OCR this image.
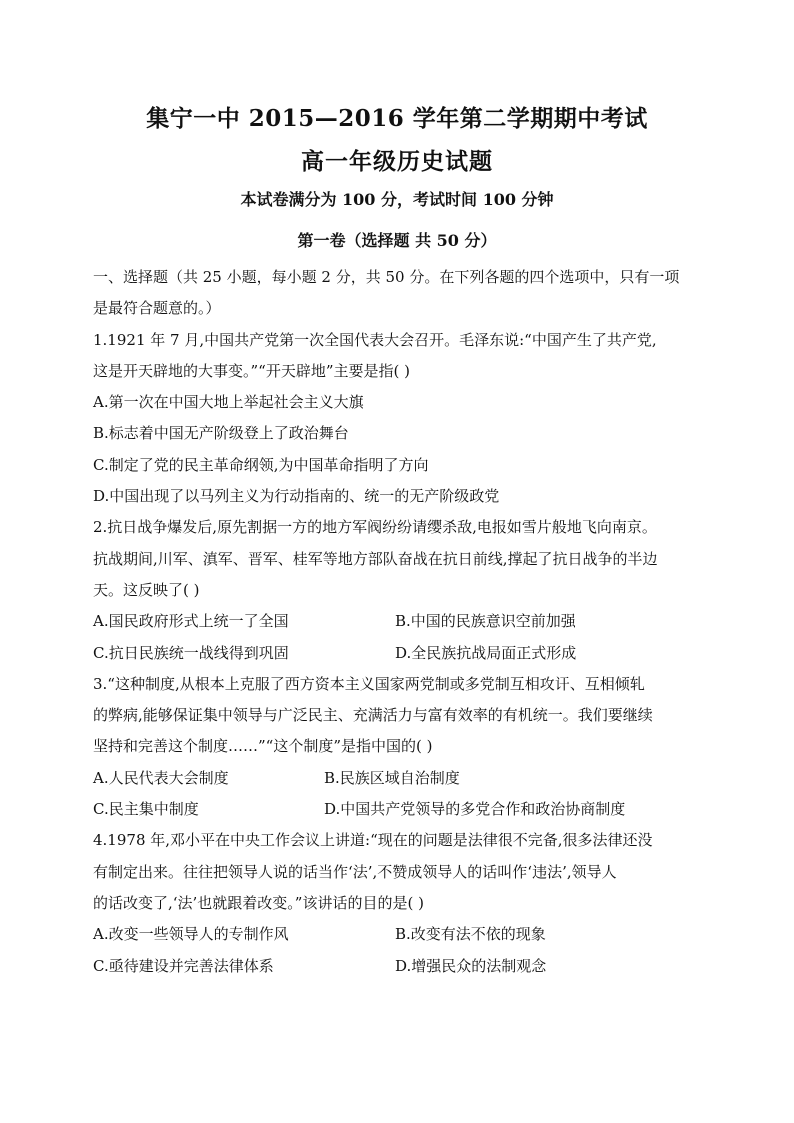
集宁一中 2015—2016 学年第二学期期中考试
高一年级历史试题
本试卷满分为 100 分，考试时间 100 分钟
第一卷（选择题 共 50 分）
一、选择题（共 25 小题，每小题 2 分，共 50 分。在下列各题的四个选项中，只有一项
是最符合题意的。）
1.1921 年 7 月,中国共产党第一次全国代表大会召开。毛泽东说:“中国产生了共产党,
这是开天辟地的大事变。”“开天辟地”主要是指( )
A.第一次在中国大地上举起社会主义大旗
B.标志着中国无产阶级登上了政治舞台
C.制定了党的民主革命纲领,为中国革命指明了方向
D.中国出现了以马列主义为行动指南的、统一的无产阶级政党
2.抗日战争爆发后,原先割据一方的地方军阀纷纷请缨杀敌,电报如雪片般地飞向南京。
抗战期间,川军、滇军、晋军、桂军等地方部队奋战在抗日前线,撑起了抗日战争的半边
天。这反映了( )
A.国民政府形式上统一了全国	B.中国的民族意识空前加强
C.抗日民族统一战线得到巩固	D.全民族抗战局面正式形成
3.“这种制度,从根本上克服了西方资本主义国家两党制或多党制互相攻讦、互相倾轧
的弊病,能够保证集中领导与广泛民主、充满活力与富有效率的有机统一。我们要继续
坚持和完善这个制度……”“这个制度”是指中国的( )
A.人民代表大会制度	B.民族区域自治制度
C.民主集中制度	D.中国共产党领导的多党合作和政治协商制度
4.1978 年,邓小平在中央工作会议上讲道:“现在的问题是法律很不完备,很多法律还没
有制定出来。往往把领导人说的话当作‘法’,不赞成领导人的话叫作‘违法’,领导人
的话改变了,‘法’也就跟着改变。”该讲话的目的是( )
A.改变一些领导人的专制作风	B.改变有法不依的现象
C.亟待建设并完善法律体系	D.增强民众的法制观念
